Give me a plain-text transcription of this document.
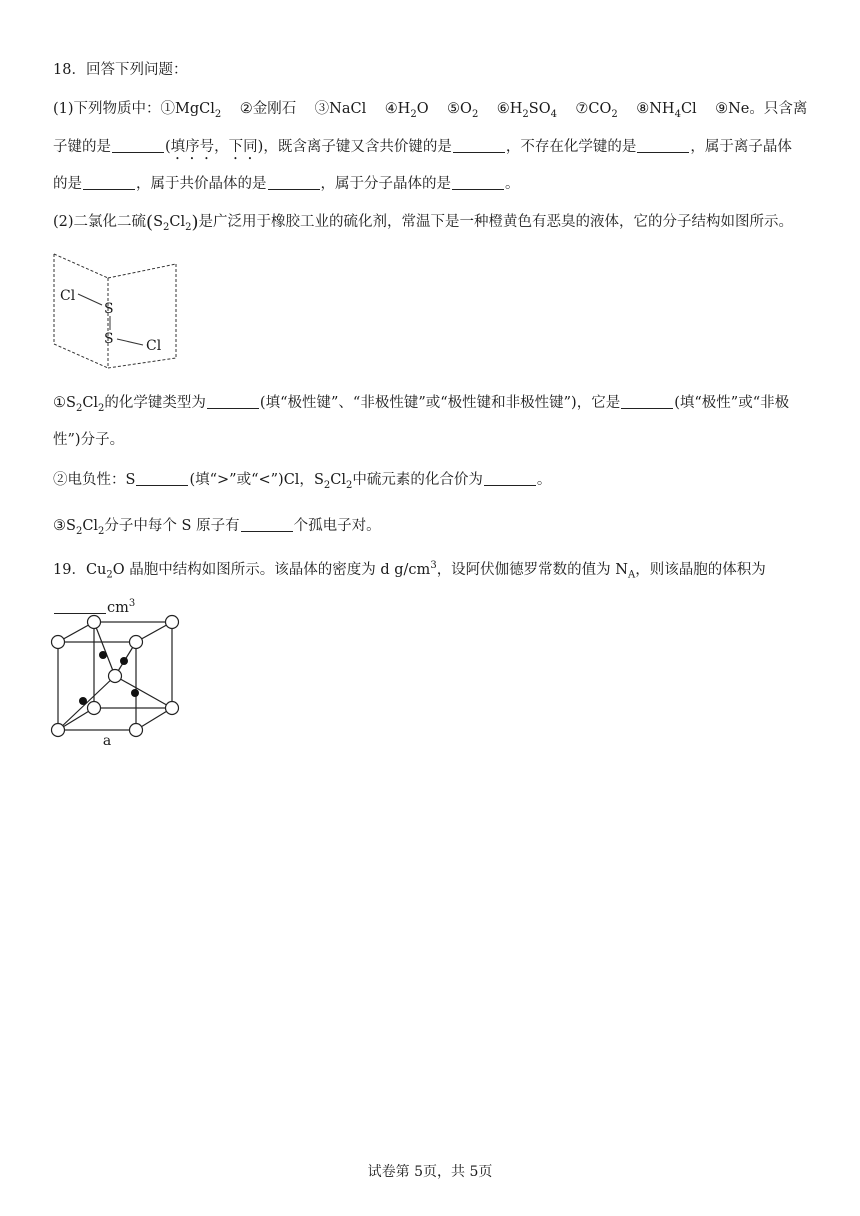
18．回答下列问题：
(1)下列物质中：①MgCl$_2$ ②金刚石 ③NaCl $④H_2O$ $⑤O_2$ $⑥H_2SO_4$ $⑦CO_2$ $⑧NH_4Cl$ ⑨Ne。只含离
子键的是	(填序号，下同)，既含离子键又含共价键的是	，不存在化学键的是	，属于离子晶体
的是	，属于共价晶体的是	，属于分子晶体的是	。
(2)二氯化二硫$(S_2Cl_2)$是广泛用于橡胶工业的硫化剂，常温下是一种橙黄色有恶臭的液体，它的分子结构如图所示。
Cl
S
S Cl
$①S_2Cl_2$的化学键类型为	(填“极性键”、“非极性键”或“极性键和非极性键”)，它是	(填“极性”或“非极
性”)分子。
②电负性：S	(填“>”或“<”)Cl，$S_2Cl_2$中硫元素的化合价为	。
$③S_2Cl_2$分子中每个 S 原子有	个孤电子对。
19．$Cu_2O$ 晶胞中结构如图所示。该晶体的密度为 d $g/cm^3$，设阿伏伽德罗常数的值为 $N_A$，则该晶胞的体积为
$cm^3$
a
试卷第 5页，共 5页
